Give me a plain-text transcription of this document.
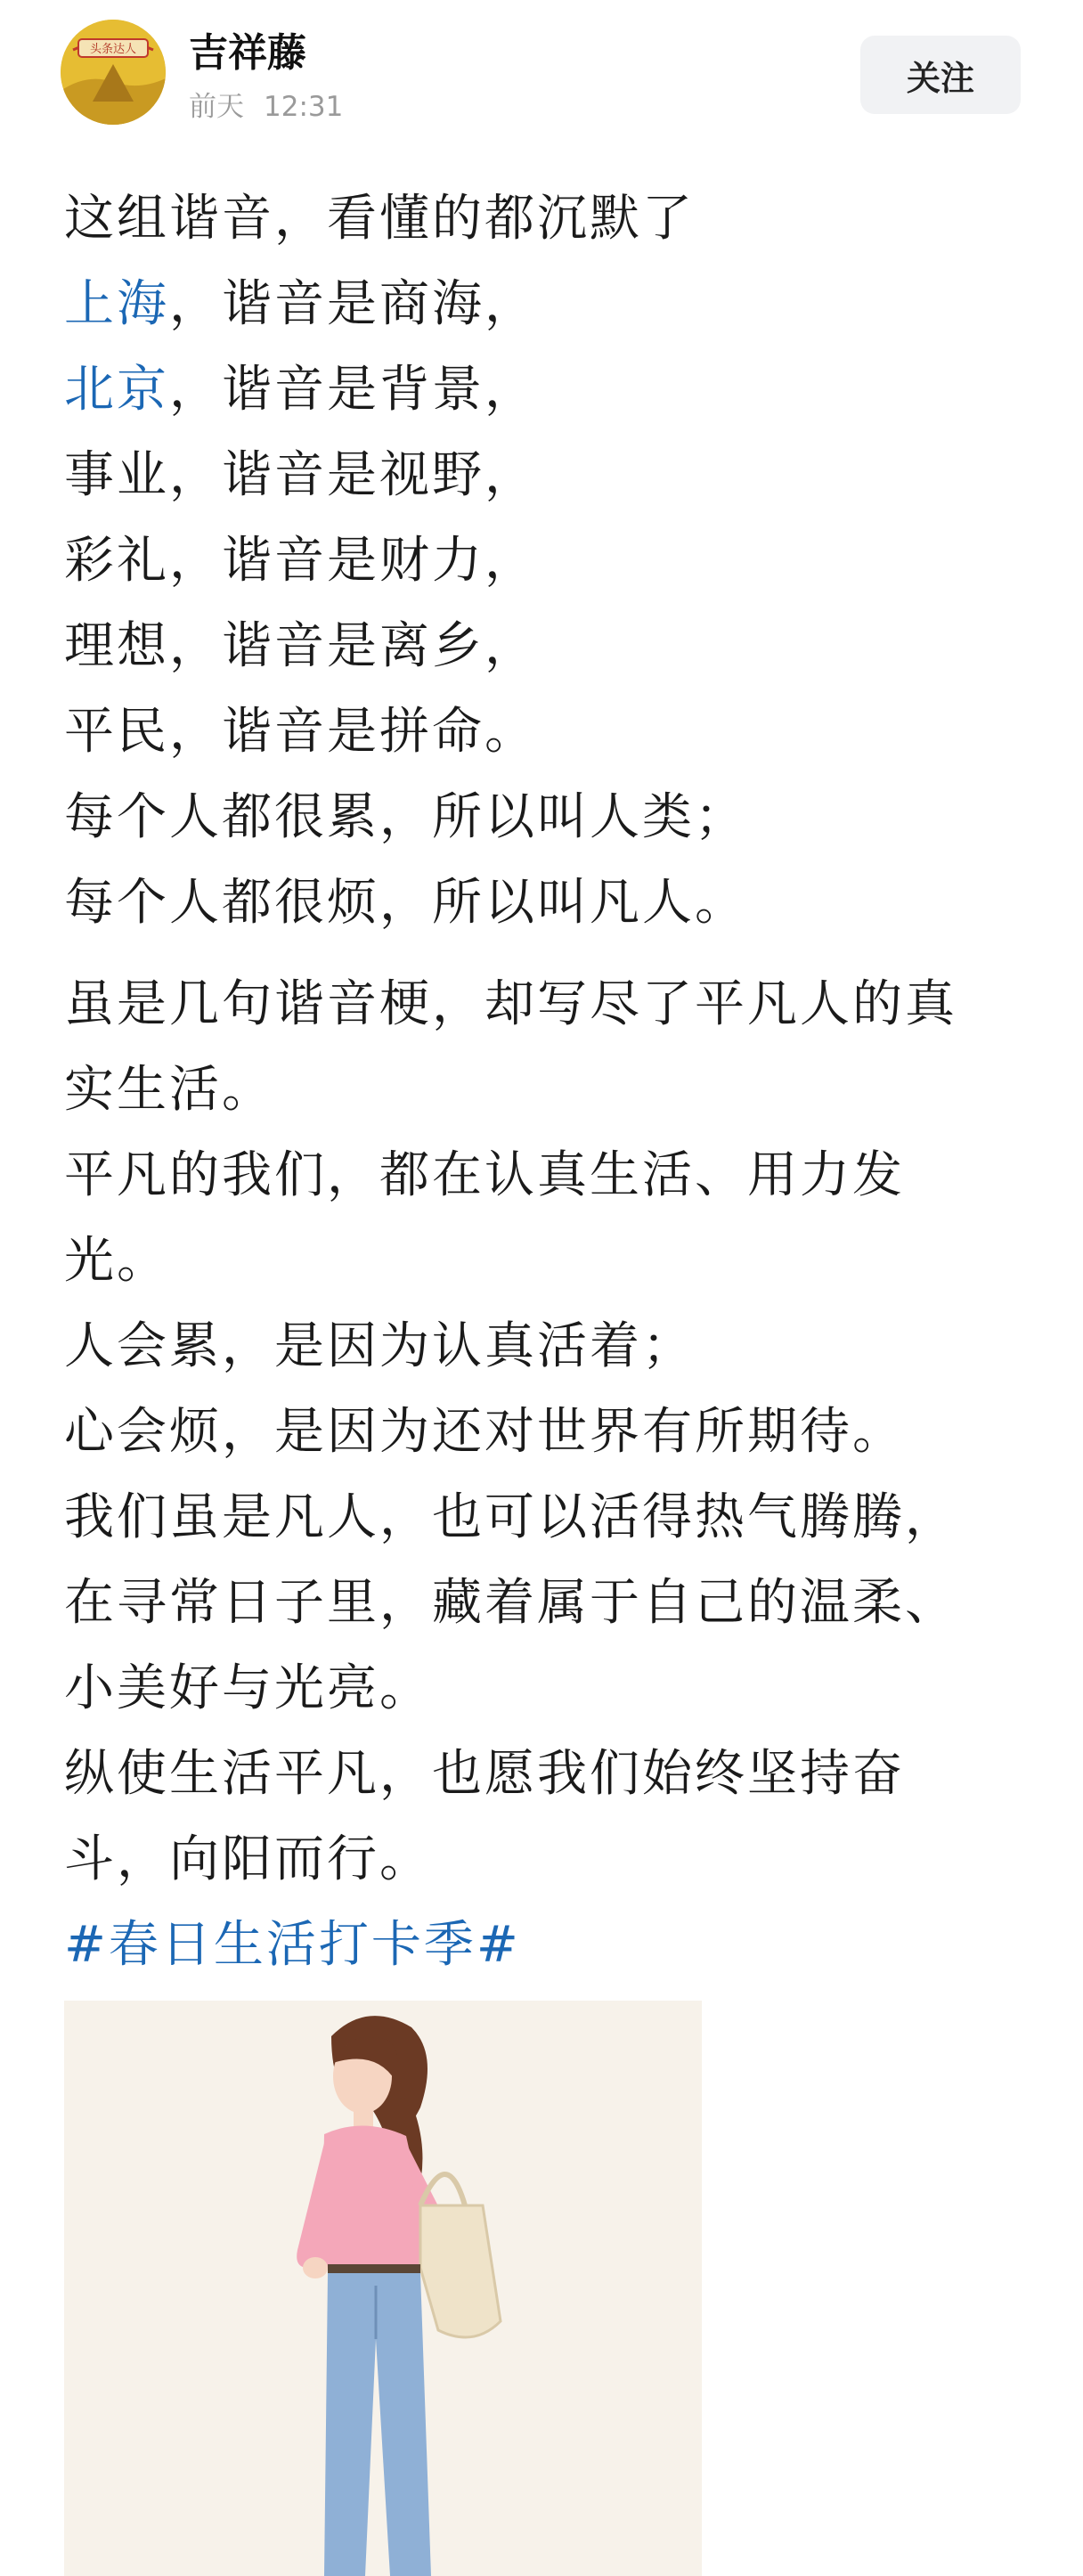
头条达人 吉祥藤
前天 12:31
关注
这组谐音，看懂的都沉默了
上海，谐音是商海，
北京，谐音是背景，
事业，谐音是视野，
彩礼，谐音是财力，
理想，谐音是离乡，
平民，谐音是拼命。
每个人都很累，所以叫人类；
每个人都很烦，所以叫凡人。
虽是几句谐音梗，却写尽了平凡人的真
实生活。
平凡的我们，都在认真生活、用力发
光。
人会累，是因为认真活着；
心会烦，是因为还对世界有所期待。
我们虽是凡人，也可以活得热气腾腾，
在寻常日子里，藏着属于自己的温柔、
小美好与光亮。
纵使生活平凡，也愿我们始终坚持奋
斗，向阳而行。
#春日生活打卡季#
